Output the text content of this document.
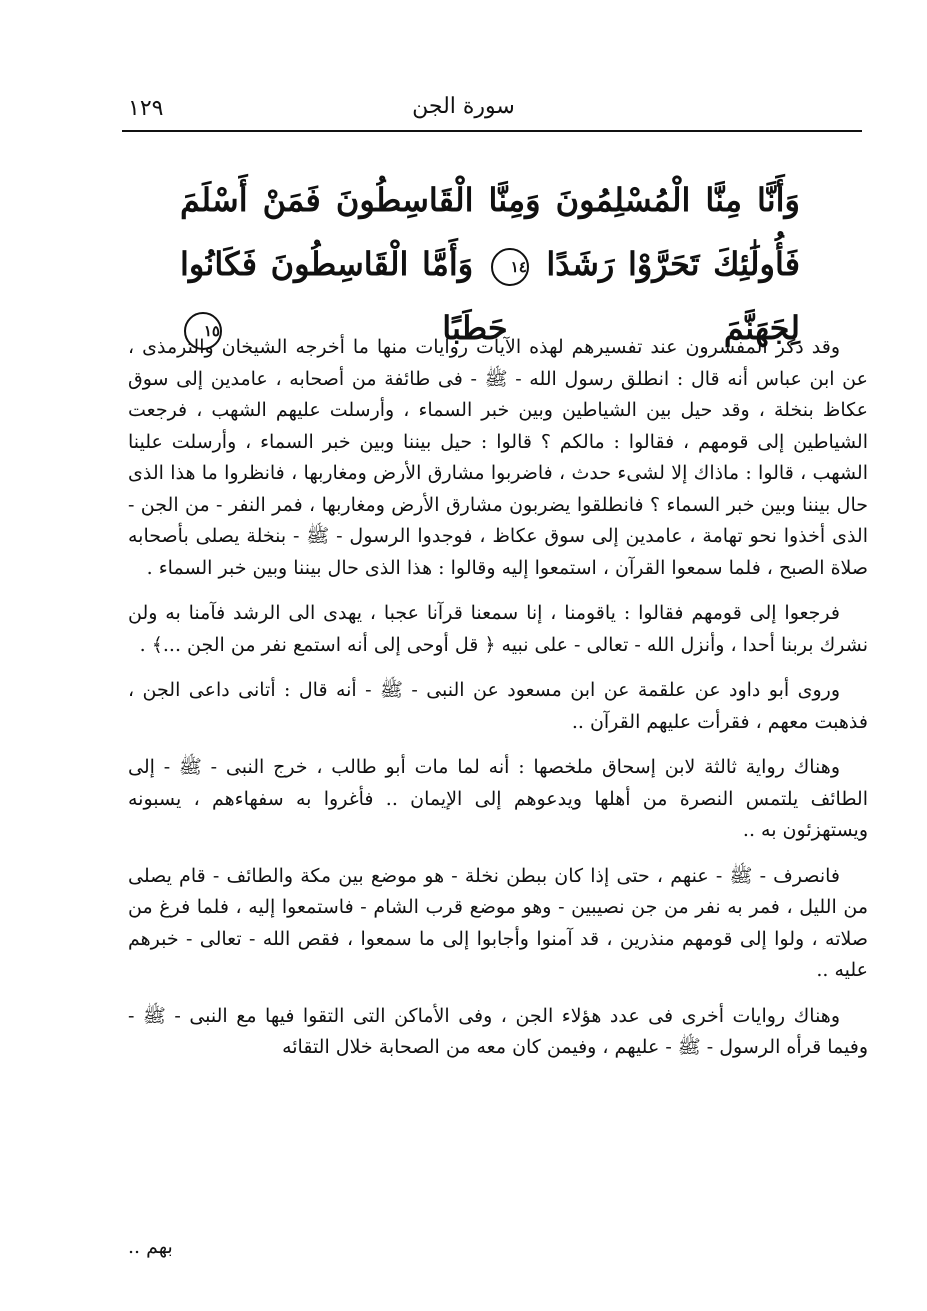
١٢٩	سورة الجن
وَأَنَّا مِنَّا الْمُسْلِمُونَ وَمِنَّا الْقَاسِطُونَ فَمَنْ أَسْلَمَ فَأُولَٰئِكَ تَحَرَّوْا رَشَدًا ١٤ وَأَمَّا الْقَاسِطُونَ فَكَانُوا لِجَهَنَّمَ حَطَبًا ١٥

وقد ذكر المفسرون عند تفسيرهم لهذه الآيات روايات منها ما أخرجه الشيخان والترمذى ، عن ابن عباس أنه قال : انطلق رسول الله - ﷺ - فى طائفة من أصحابه ، عامدين إلى سوق عكاظ بنخلة ، وقد حيل بين الشياطين وبين خبر السماء ، وأرسلت عليهم الشهب ، فرجعت الشياطين إلى قومهم ، فقالوا : مالكم ؟ قالوا : حيل بيننا وبين خبر السماء ، وأرسلت علينا الشهب ، قالوا : ماذاك إلا لشىء حدث ، فاضربوا مشارق الأرض ومغاربها ، فانظروا ما هذا الذى حال بيننا وبين خبر السماء ؟ فانطلقوا يضربون مشارق الأرض ومغاربها ، فمر النفر - من الجن - الذى أخذوا نحو تهامة ، عامدين إلى سوق عكاظ ، فوجدوا الرسول - ﷺ - بنخلة يصلى بأصحابه صلاة الصبح ، فلما سمعوا القرآن ، استمعوا إليه وقالوا : هذا الذى حال بيننا وبين خبر السماء .

فرجعوا إلى قومهم فقالوا : ياقومنا ، إنا سمعنا قرآنا عجبا ، يهدى الى الرشد فآمنا به ولن نشرك بربنا أحدا ، وأنزل الله - تعالى - على نبيه ﴿ قل أوحى إلى أنه استمع نفر من الجن ...﴾ .

وروى أبو داود عن علقمة عن ابن مسعود عن النبى - ﷺ - أنه قال : أتانى داعى الجن ، فذهبت معهم ، فقرأت عليهم القرآن ..

وهناك رواية ثالثة لابن إسحاق ملخصها : أنه لما مات أبو طالب ، خرج النبى - ﷺ - إلى الطائف يلتمس النصرة من أهلها ويدعوهم إلى الإيمان .. فأغروا به سفهاءهم ، يسبونه ويستهزئون به ..

فانصرف - ﷺ - عنهم ، حتى إذا كان ببطن نخلة - هو موضع بين مكة والطائف - قام يصلى من الليل ، فمر به نفر من جن نصيبين - وهو موضع قرب الشام - فاستمعوا إليه ، فلما فرغ من صلاته ، ولوا إلى قومهم منذرين ، قد آمنوا وأجابوا إلى ما سمعوا ، فقص الله - تعالى - خبرهم عليه ..

وهناك روايات أخرى فى عدد هؤلاء الجن ، وفى الأماكن التى التقوا فيها مع النبى - ﷺ - وفيما قرأه الرسول - ﷺ - عليهم ، وفيمن كان معه من الصحابة خلال التقائه

بهم ..
